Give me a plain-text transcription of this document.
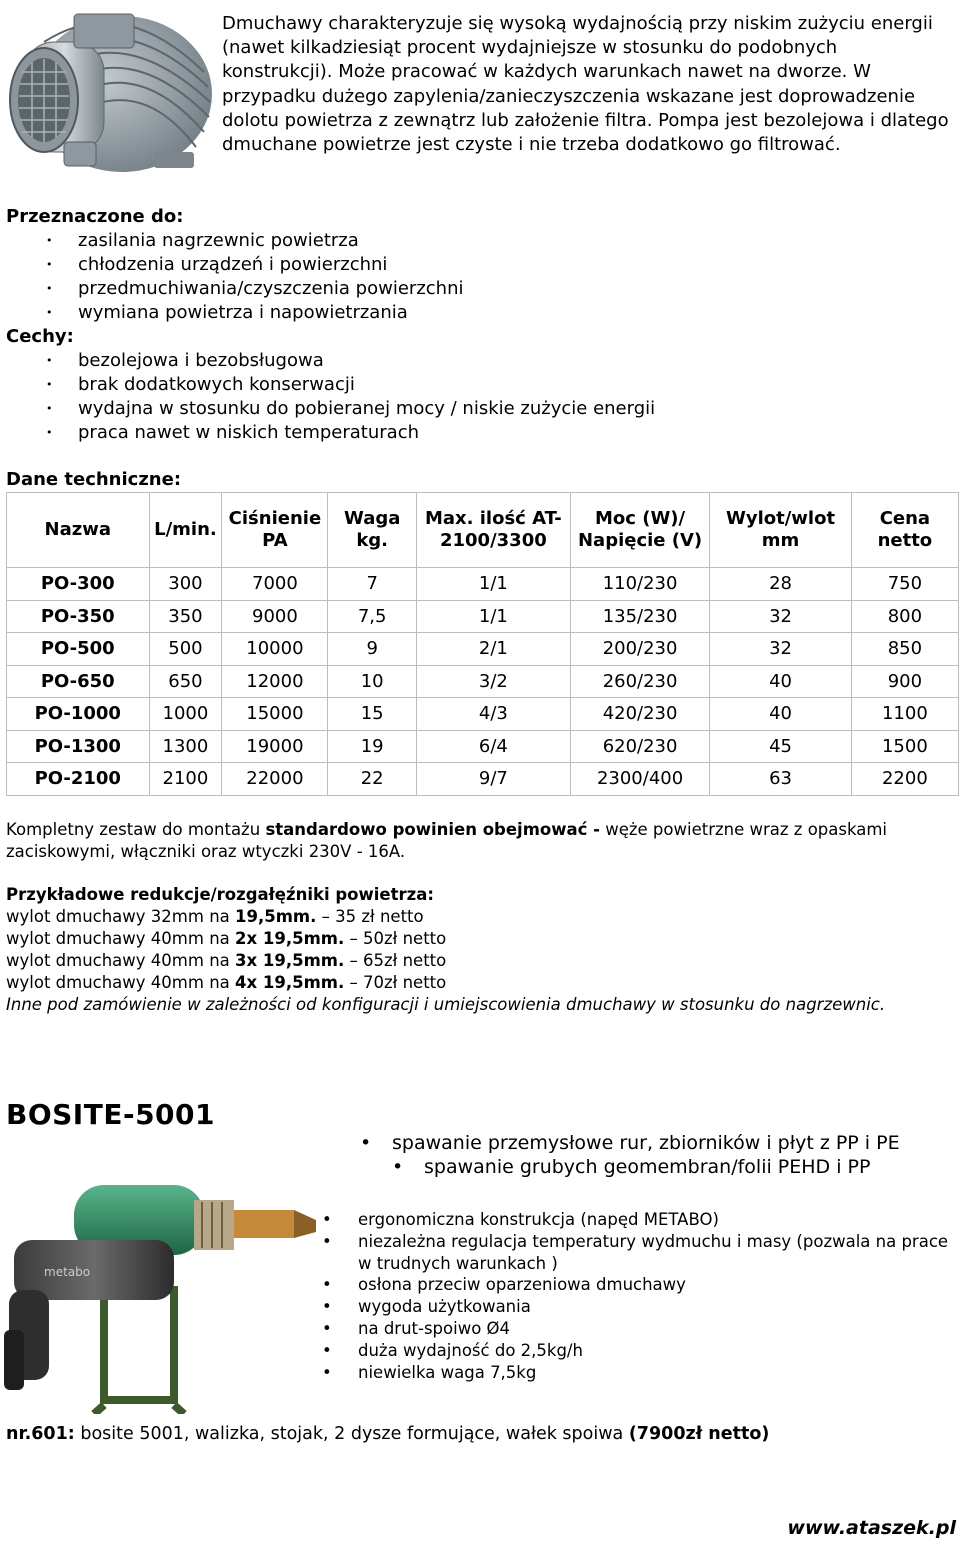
Dmuchawy charakteryzuje się wysoką wydajnością przy niskim zużyciu energii (nawet kilkadziesiąt procent wydajniejsze w stosunku do podobnych konstrukcji). Może pracować w każdych warunkach nawet na dworze. W przypadku dużego zapylenia/zanieczyszczenia wskazane jest doprowadzenie dolotu powietrza z zewnątrz lub założenie filtra. Pompa jest bezolejowa i dlatego dmuchane powietrze jest czyste i nie trzeba dodatkowo go filtrować.
Przeznaczone do:
• zasilania nagrzewnic powietrza
• chłodzenia urządzeń i powierzchni
• przedmuchiwania/czyszczenia powierzchni
• wymiana powietrza i napowietrzania
Cechy:
• bezolejowa i bezobsługowa
• brak dodatkowych konserwacji
• wydajna w stosunku do pobieranej mocy / niskie zużycie energii
• praca nawet w niskich temperaturach
Dane techniczne:
Nazwa	L/min.	Ciśnienie PA	Waga kg.	Max. ilość AT-2100/3300	Moc (W)/ Napięcie (V)	Wylot/wlot mm	Cena netto
PO-300	300	7000	7	1/1	110/230	28	750
PO-350	350	9000	7,5	1/1	135/230	32	800
PO-500	500	10000	9	2/1	200/230	32	850
PO-650	650	12000	10	3/2	260/230	40	900
PO-1000	1000	15000	15	4/3	420/230	40	1100
PO-1300	1300	19000	19	6/4	620/230	45	1500
PO-2100	2100	22000	22	9/7	2300/400	63	2200
Kompletny zestaw do montażu standardowo powinien obejmować - węże powietrzne wraz z opaskami zaciskowymi, włączniki oraz wtyczki 230V - 16A.
Przykładowe redukcje/rozgałęźniki powietrza:
wylot dmuchawy 32mm na 19,5mm. – 35 zł netto
wylot dmuchawy 40mm na 2x 19,5mm. – 50zł netto
wylot dmuchawy 40mm na 3x 19,5mm. – 65zł netto
wylot dmuchawy 40mm na 4x 19,5mm. – 70zł netto
Inne pod zamówienie w zależności od konfiguracji i umiejscowienia dmuchawy w stosunku do nagrzewnic.
BOSITE-5001
• spawanie przemysłowe rur, zbiorników i płyt z PP i PE
• spawanie grubych geomembran/folii PEHD i PP
metabo
• ergonomiczna konstrukcja (napęd METABO)
• niezależna regulacja temperatury wydmuchu i masy (pozwala na prace w trudnych warunkach )
• osłona przeciw oparzeniowa dmuchawy
• wygoda użytkowania
• na drut-spoiwo Ø4
• duża wydajność do 2,5kg/h
• niewielka waga 7,5kg
nr.601: bosite 5001, walizka, stojak, 2 dysze formujące, wałek spoiwa (7900zł netto)
www.ataszek.pl
